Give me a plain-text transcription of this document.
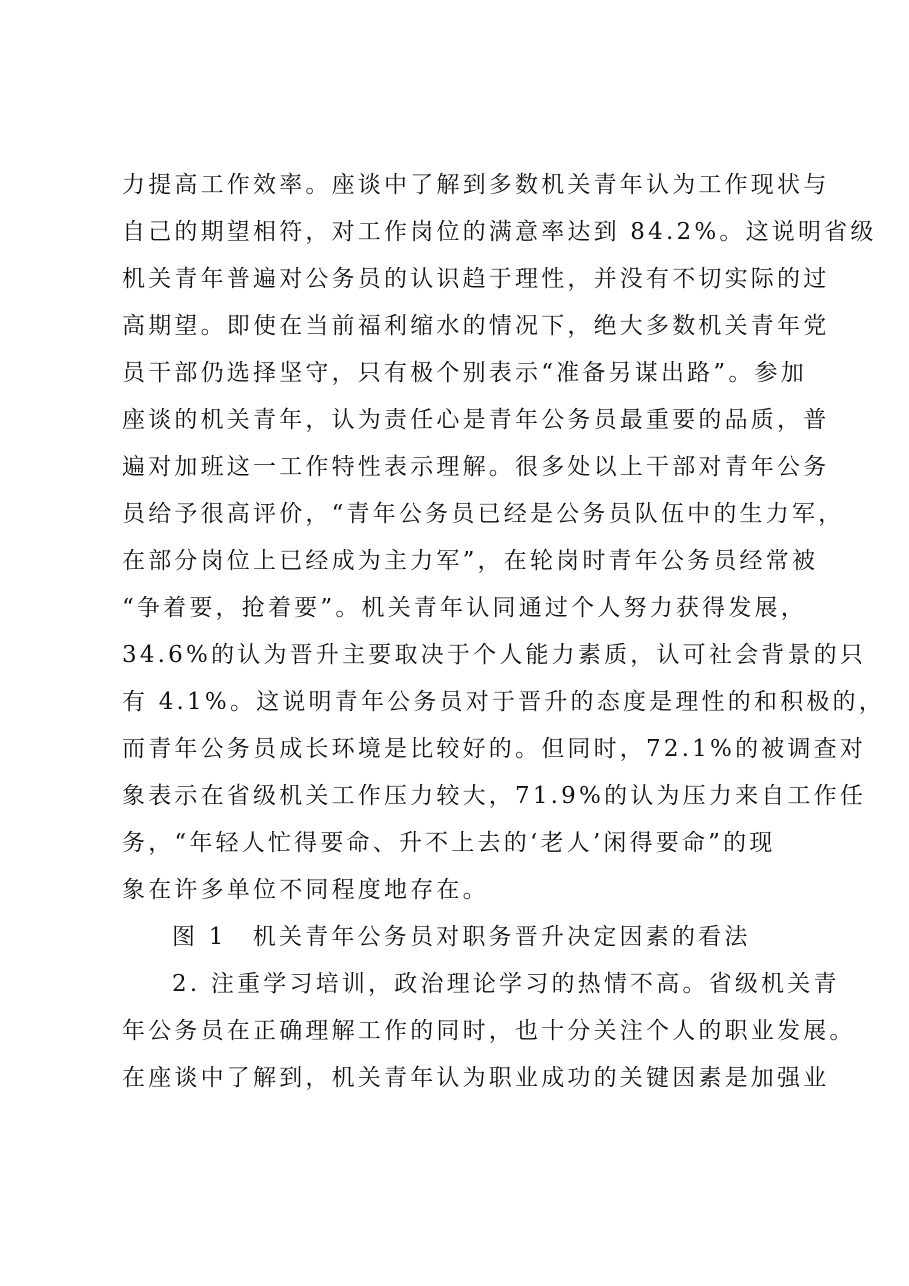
力提高工作效率。座谈中了解到多数机关青年认为工作现状与
自己的期望相符，对工作岗位的满意率达到 84.2%。这说明省级
机关青年普遍对公务员的认识趋于理性，并没有不切实际的过
高期望。即使在当前福利缩水的情况下，绝大多数机关青年党
员干部仍选择坚守，只有极个别表示“准备另谋出路”。参加
座谈的机关青年，认为责任心是青年公务员最重要的品质，普
遍对加班这一工作特性表示理解。很多处以上干部对青年公务
员给予很高评价，“青年公务员已经是公务员队伍中的生力军，
在部分岗位上已经成为主力军”，在轮岗时青年公务员经常被
“争着要，抢着要”。机关青年认同通过个人努力获得发展，
34.6%的认为晋升主要取决于个人能力素质，认可社会背景的只
有 4.1%。这说明青年公务员对于晋升的态度是理性的和积极的，
而青年公务员成长环境是比较好的。但同时，72.1%的被调查对
象表示在省级机关工作压力较大，71.9%的认为压力来自工作任
务，“年轻人忙得要命、升不上去的‘老人’闲得要命”的现
象在许多单位不同程度地存在。
图 1　机关青年公务员对职务晋升决定因素的看法
2. 注重学习培训，政治理论学习的热情不高。省级机关青
年公务员在正确理解工作的同时，也十分关注个人的职业发展。
在座谈中了解到，机关青年认为职业成功的关键因素是加强业
